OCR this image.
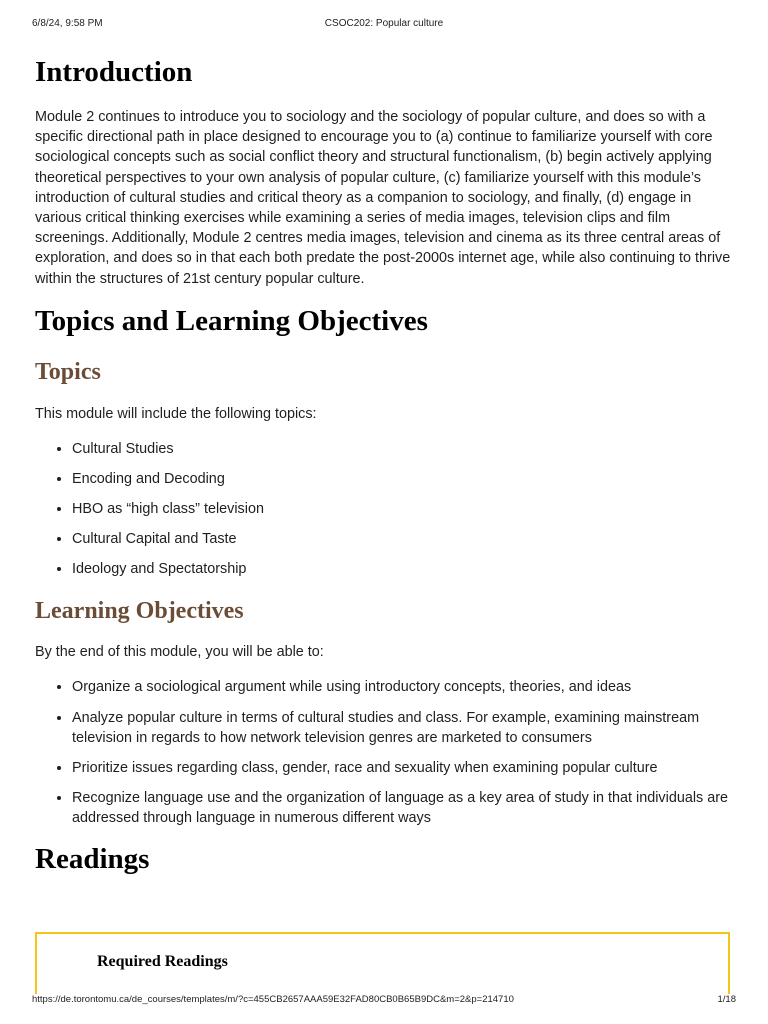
6/8/24, 9:58 PM	CSOC202: Popular culture
Introduction

Module 2 continues to introduce you to sociology and the sociology of popular culture, and does so with a specific directional path in place designed to encourage you to (a) continue to familiarize yourself with core sociological concepts such as social conflict theory and structural functionalism, (b) begin actively applying theoretical perspectives to your own analysis of popular culture, (c) familiarize yourself with this module’s introduction of cultural studies and critical theory as a companion to sociology, and finally, (d) engage in various critical thinking exercises while examining a series of media images, television clips and film screenings. Additionally, Module 2 centres media images, television and cinema as its three central areas of exploration, and does so in that each both predate the post-2000s internet age, while also continuing to thrive within the structures of 21st century popular culture.

Topics and Learning Objectives
Topics

This module will include the following topics:

• Cultural Studies
• Encoding and Decoding
• HBO as “high class” television
• Cultural Capital and Taste
• Ideology and Spectatorship
Learning Objectives

By the end of this module, you will be able to:

• Organize a sociological argument while using introductory concepts, theories, and ideas
• Analyze popular culture in terms of cultural studies and class. For example, examining mainstream television in regards to how network television genres are marketed to consumers
• Prioritize issues regarding class, gender, race and sexuality when examining popular culture
• Recognize language use and the organization of language as a key area of study in that individuals are addressed through language in numerous different ways
Readings
Required Readings
https://de.torontomu.ca/de_courses/templates/m/?c=455CB2657AAA59E32FAD80CB0B65B9DC&m=2&p=214710	1/18
